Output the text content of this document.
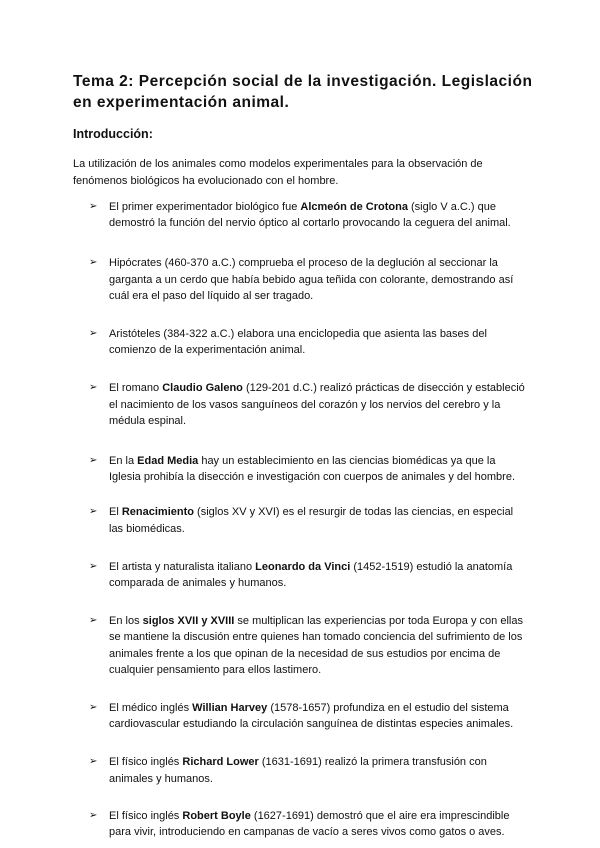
Tema 2: Percepción social de la investigación. Legislación en experimentación animal.
Introducción:

La utilización de los animales como modelos experimentales para la observación de fenómenos biológicos ha evolucionado con el hombre.

➢ El primer experimentador biológico fue Alcmeón de Crotona (siglo V a.C.) que demostró la función del nervio óptico al cortarlo provocando la ceguera del animal.
➢ Hipócrates (460-370 a.C.) comprueba el proceso de la deglución al seccionar la garganta a un cerdo que había bebido agua teñida con colorante, demostrando así cuál era el paso del líquido al ser tragado.
➢ Aristóteles (384-322 a.C.) elabora una enciclopedia que asienta las bases del comienzo de la experimentación animal.
➢ El romano Claudio Galeno (129-201 d.C.) realizó prácticas de disección y estableció el nacimiento de los vasos sanguíneos del corazón y los nervios del cerebro y la médula espinal.
➢ En la Edad Media hay un establecimiento en las ciencias biomédicas ya que la Iglesia prohibía la disección e investigación con cuerpos de animales y del hombre.
➢ El Renacimiento (siglos XV y XVI) es el resurgir de todas las ciencias, en especial las biomédicas.
➢ El artista y naturalista italiano Leonardo da Vinci (1452-1519) estudió la anatomía comparada de animales y humanos.
➢ En los siglos XVII y XVIII se multiplican las experiencias por toda Europa y con ellas se mantiene la discusión entre quienes han tomado conciencia del sufrimiento de los animales frente a los que opinan de la necesidad de sus estudios por encima de cualquier pensamiento para ellos lastimero.
➢ El médico inglés Willian Harvey (1578-1657) profundiza en el estudio del sistema cardiovascular estudiando la circulación sanguínea de distintas especies animales.
➢ El físico inglés Richard Lower (1631-1691) realizó la primera transfusión con animales y humanos.
➢ El físico inglés Robert Boyle (1627-1691) demostró que el aire era imprescindible para vivir, introduciendo en campanas de vacío a seres vivos como gatos o aves.
